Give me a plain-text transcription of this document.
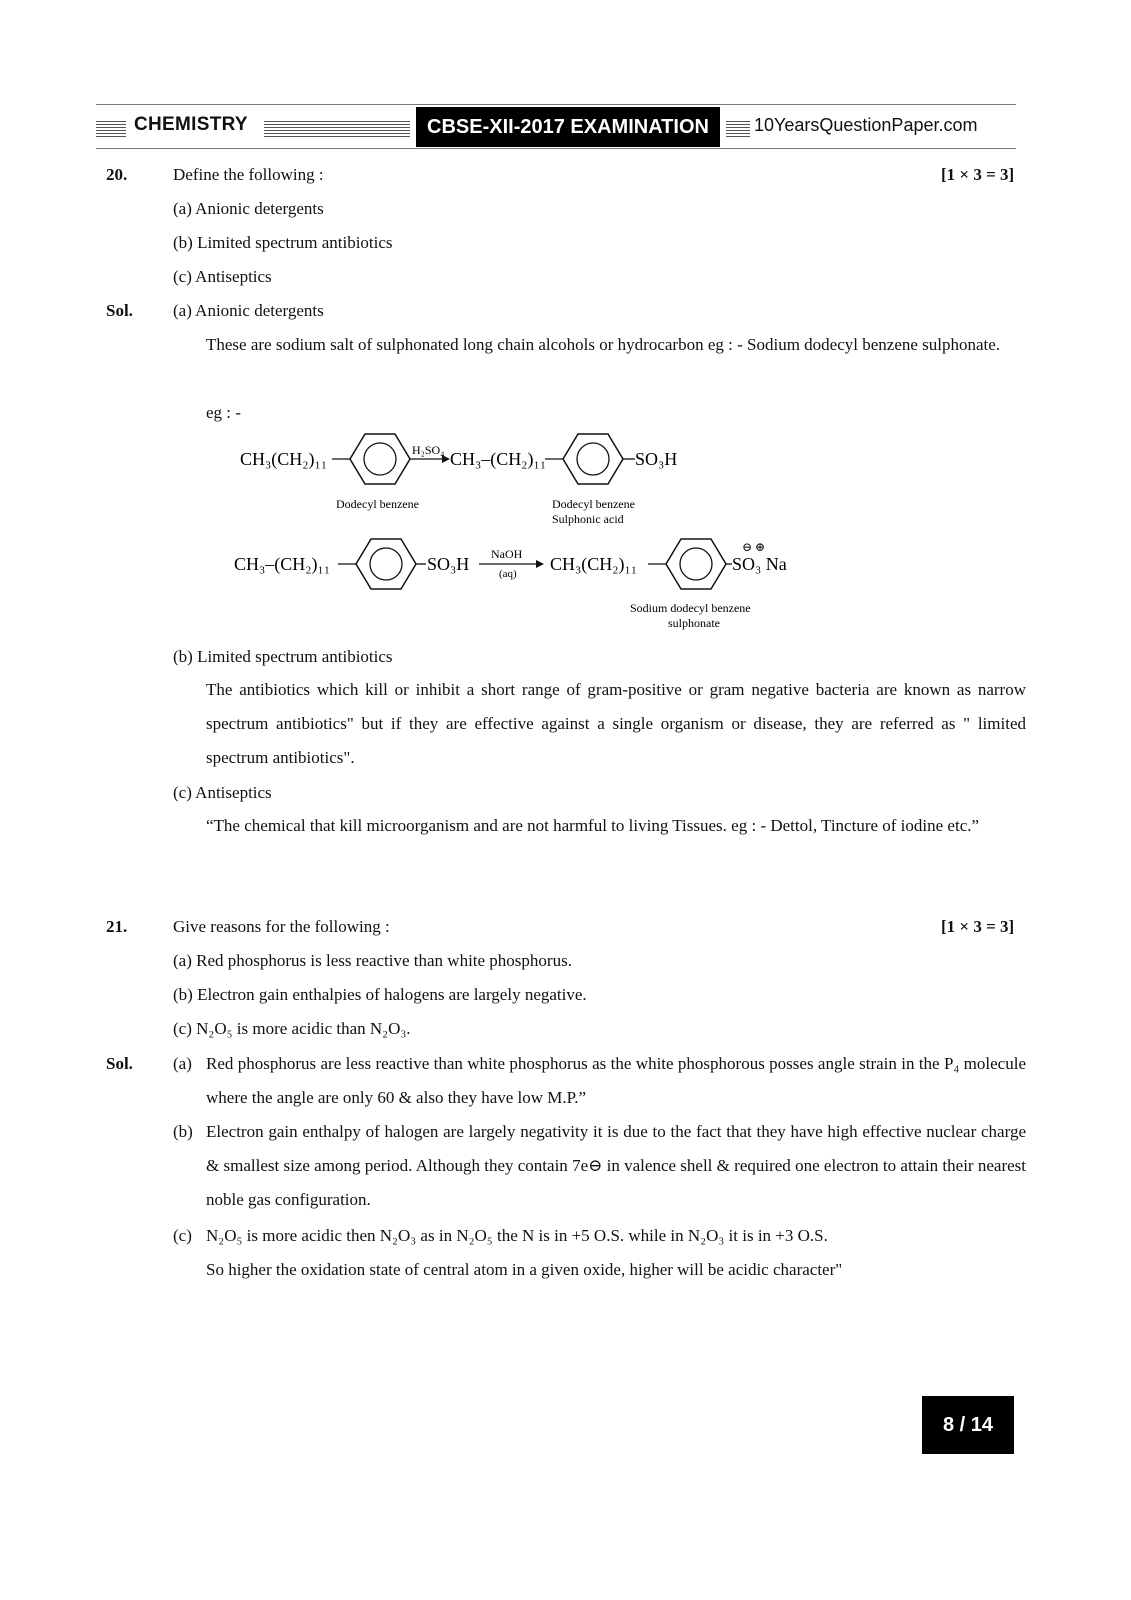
CHEMISTRY	CBSE-XII-2017 EXAMINATION	10YearsQuestionPaper.com
20.	Define the following :	[1 × 3 = 3]
(a) Anionic detergents
(b) Limited spectrum antibiotics
(c) Antiseptics
Sol. (a) Anionic detergents
These are sodium salt of sulphonated long chain alcohols or hydrocarbon eg : - Sodium dodecyl benzene sulphonate.
eg : -
CH₃(CH₂)₁₁	H₂SO₄ CH₃–(CH₂)₁₁	SO₃H
Dodecyl benzene	Dodecyl benzene
Sulphonic acid
CH₃–(CH₂)₁₁	SO₃H NaOH
(aq) CH₃(CH₂)₁₁	SO₃ Na
⊖ ⊕
Sodium dodecyl benzene
sulphonate
(b) Limited spectrum antibiotics
The antibiotics which kill or inhibit a short range of gram-positive or gram negative bacteria are known as narrow spectrum antibiotics" but if they are effective against a single organism or disease, they are referred as " limited spectrum antibiotics".
(c) Antiseptics
“The chemical that kill microorganism and are not harmful to living Tissues. eg : - Dettol, Tincture of iodine etc.”
21.	Give reasons for the following :	[1 × 3 = 3]
(a) Red phosphorus is less reactive than white phosphorus.
(b) Electron gain enthalpies of halogens are largely negative.
(c) N₂O₅ is more acidic than N₂O₃.
Sol. (a) Red phosphorus are less reactive than white phosphorus as the white phosphorous posses angle strain in the P₄ molecule where the angle are only 60 & also they have low M.P.”
(b) Electron gain enthalpy of halogen are largely negativity it is due to the fact that they have high effective nuclear charge & smallest size among period. Although they contain 7e⊖ in valence shell & required one electron to attain their nearest noble gas configuration.
(c) N₂O₅ is more acidic then N₂O₃ as in N₂O₅ the N is in +5 O.S. while in N₂O₃ it is in +3 O.S.
So higher the oxidation state of central atom in a given oxide, higher will be acidic character"
8 / 14
